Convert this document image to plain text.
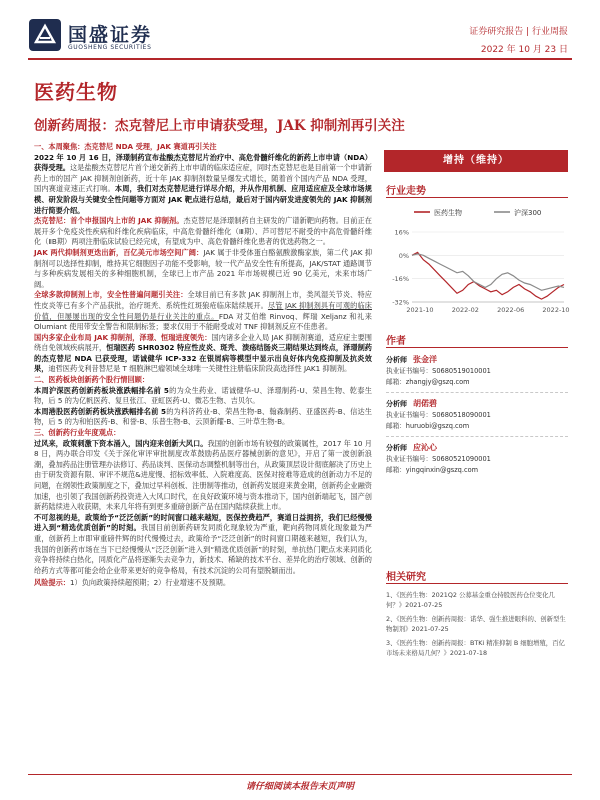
国盛证券
GUOSHENG SECURITIES
证券研究报告 | 行业周报
2022 年 10 月 23 日
医药生物
创新药周报：杰克替尼上市申请获受理，JAK 抑制剂再引关注

一、本周聚焦：杰克替尼 NDA 受理，JAK 赛道再引关注

2022 年 10 月 16 日，泽璟制药宣布盐酸杰克替尼片治疗中、高危骨髓纤维化的新药上市申请（NDA）获得受理。这是盐酸杰克替尼片首个递交新药上市申请的临床适应症，同时杰克替尼也是目前第一个申请新药上市的国产 JAK 抑制剂创新药，近十年 JAK 抑制剂数量呈爆发式增长，随着首个国内产品 NDA 受理，国内赛道竞速正式打响。本周，我们对杰克替尼进行详尽介绍，并从作用机制、应用适应症及全球市场规模、研发阶段与关键安全性问题等方面对 JAK 靶点进行总结，最后对于国内研发进度领先的 JAK 抑制剂进行简要介绍。

杰克替尼：首个申报国内上市的 JAK 抑制剂。杰克替尼是泽璟制药自主研发的广谱新靶向药物。目前正在展开多个免疫炎性疾病和纤维化疾病临床，中高危骨髓纤维化（Ⅲ期）、芦可替尼不耐受的中高危骨髓纤维化（ⅡB期）两项注册临床试验已经完成，有望成为中、高危骨髓纤维化患者的优选药物之一。

JAK 两代抑制剂更迭出新，百亿美元市场空间广阔：JAK 属于非受体蛋白酪氨酸激酶家族，第二代 JAK 抑制剂可以选择性抑制，维持其它细胞因子功能不受影响，较一代产品安全性有所提高，JAK/STAT 通路调节与多种疾病发展相关的多种细胞机制，全球已上市产品 2021 年市场规模已近 90 亿美元，未来市场广阔。

全球多款抑制剂上市，安全性普遍问题引关注：全球目前已有多款 JAK 抑制剂上市，类风湿关节炎、特应性皮炎等已有多个产品获批，治疗斑秃、系统性红斑狼疮临床陆续展开。尽管 JAK 抑制剂具有可观的临床价值，但屡屡出现的安全性问题仍是行业关注的重点。FDA 对艾伯维 Rinvoq、辉瑞 Xeljanz 和礼来 Olumiant 使用带安全警告和限制标签；要求仅用于不能耐受或对 TNF 抑制剂反应不佳患者。

国内多家企业布局 JAK 抑制剂，泽璟、恒瑞进度领先：国内诸多企业入局 JAK 抑制剂赛道，适应症主要围绕自免领域疾病展开，恒瑞医药 SHR0302 特应性皮炎、斑秃、溃疡结肠炎三期结果达到终点，泽璟制药的杰克替尼 NDA 已获受理，诺诚健华 ICP-332 在银屑病等模型中显示出良好体内免疫抑制及抗炎效果，迪哲医药戈利昔替尼是 T 细胞淋巴瘤领域全球唯一关键性注册临床阶段高选择性 JAK1 抑制剂。

二、医药板块创新药个股行情回顾：

本周沪深医药创新药板块涨跌幅排名前 5的为众生药业、诺诚健华-U、泽璟制药-U、荣昌生物、乾泰生物，后 5 的为亿帆医药、复旦张江、亚虹医药-U、微芯生物、吉贝尔。

本周港股医药创新药板块涨跌幅排名前 5的为科济药业-B、荣昌生物-B、翰森制药、亚盛医药-B、信达生物，后 5 的为和铂医药-B、和誉-B、乐普生物-B、云顶新耀-B、三叶草生物-B。

三、创新药行业年度观点：

过风来，政策刺激下资本涌入，国内迎来创新大风口。我国的创新市场有较强的政策属性，2017 年 10 月 8 日，两办联合印发《关于深化审评审批制度改革鼓励药品医疗器械创新的意见》，开启了第一波创新浪潮，叠加药品注册管理办法修订、药品谈判、医保动态调整机制等出台，从政策顶层设计彻底解决了历史上由于研发资源有限、审评不规范&进度慢、招标效率低、入院难度高、医保对接难等造成的创新动力不足的问题，在纲领性政策制度之下，叠加过早科创板、注册制等推动，创新药发展迎来黄金期，创新药企业融资加速，也引领了我国创新药投资进入大风口时代，在良好政策环境与资本推动下，国内创新端起飞，国产创新药陆续进入收获期，未来几年将有到更多重磅创新产品在国内陆续获批上市。

不可忽视的是，政策给予“泛泛创新”的时间窗口越来越短，医保控费趋严，赛道日益拥挤，我们已经慢慢进入到“精选优质创新”的时刻。我国目前创新药研发同质化现象较为严重，靶向药物同质化现象最为严重，创新药上市即审重磅件辉的时代慢慢过去，政策给予“泛泛创新”的时间窗口期越来越短，我们认为，我国的创新药市场在当下已经慢慢从“泛泛创新”进入到“精选优质创新”的时刻，单抗热门靶点未来同质化竞争将持续白热化，同质化产品将逐渐失去竞争力，新技术、稀缺的技术平台、差异化的治疗领域、创新的给药方式等都可能会给企业带来更好的竞争格局，有技术沉淀的公司有望脱颖而出。

风险提示：1）负向政策持续超预期；2）行业增速不及预期。

增持（维持）
行业走势
医药生物	沪深300
16%
0%
-16%
-32%
2021-10	2022-02	2022-06	2022-10
作者
分析师 张金洋
执业证书编号：S0680519010001
邮箱：zhangjy@gszq.com
分析师 胡偌碧
执业证书编号：S0680518090001
邮箱：huruobi@gszq.com
分析师 应沁心
执业证书编号：S0680521090001
邮箱：yingqinxin@gszq.com
相关研究
1、《医药生物：2021Q2 公募基金重仓持股医药仓位变化几何？》2021-07-25
2、《医药生物：创新药周报：诺华、强生推进眼科的、创新型生物制剂》2021-07-25
3、《医药生物：创新药周报：BTKi 精准抑制 B 细胞增殖，百亿市场未来格局几何？》2021-07-18
请仔细阅读本报告末页声明
